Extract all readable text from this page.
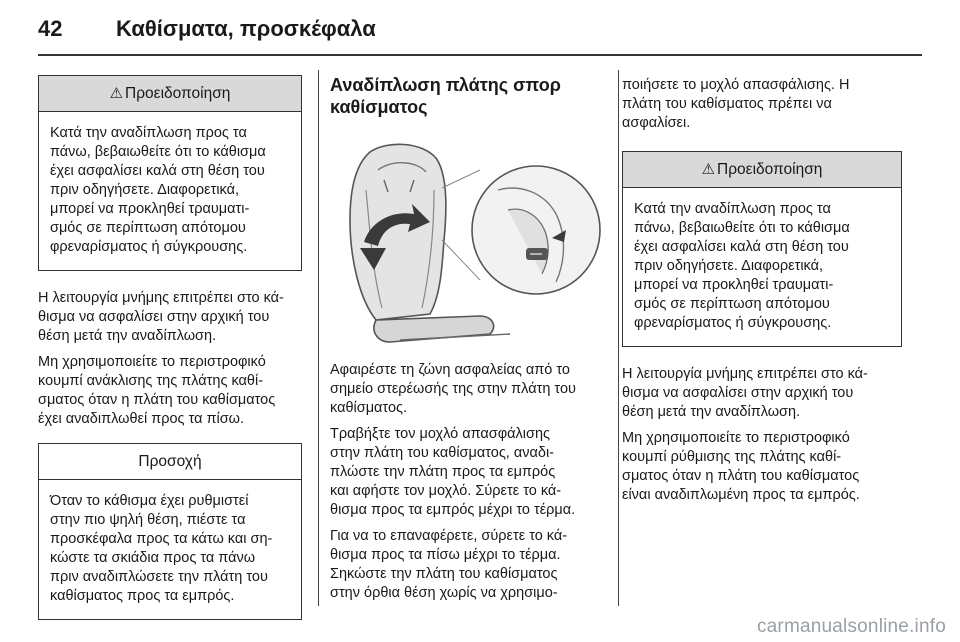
42	Καθίσματα, προσκέφαλα
⚠ Προειδοποίηση
Κατά την αναδίπλωση προς τα
πάνω, βεβαιωθείτε ότι το κάθισμα
έχει ασφαλίσει καλά στη θέση του
πριν οδηγήσετε. Διαφορετικά,
μπορεί να προκληθεί τραυματι-
σμός σε περίπτωση απότομου
φρεναρίσματος ή σύγκρουσης.

Η λειτουργία μνήμης επιτρέπει στο κά-
θισμα να ασφαλίσει στην αρχική του
θέση μετά την αναδίπλωση.

Μη χρησιμοποιείτε το περιστροφικό
κουμπί ανάκλισης της πλάτης καθί-
σματος όταν η πλάτη του καθίσματος
έχει αναδιπλωθεί προς τα πίσω.

Προσοχή
Όταν το κάθισμα έχει ρυθμιστεί
στην πιο ψηλή θέση, πιέστε τα
προσκέφαλα προς τα κάτω και ση-
κώστε τα σκιάδια προς τα πάνω
πριν αναδιπλώσετε την πλάτη του
καθίσματος προς τα εμπρός.
Αναδίπλωση πλάτης σπορ
καθίσματος

Αφαιρέστε τη ζώνη ασφαλείας από το
σημείο στερέωσής της στην πλάτη του
καθίσματος.

Τραβήξτε τον μοχλό απασφάλισης
στην πλάτη του καθίσματος, αναδι-
πλώστε την πλάτη προς τα εμπρός
και αφήστε τον μοχλό. Σύρετε το κά-
θισμα προς τα εμπρός μέχρι το τέρμα.

Για να το επαναφέρετε, σύρετε το κά-
θισμα προς τα πίσω μέχρι το τέρμα.
Σηκώστε την πλάτη του καθίσματος
στην όρθια θέση χωρίς να χρησιμο-

ποιήσετε το μοχλό απασφάλισης. Η
πλάτη του καθίσματος πρέπει να
ασφαλίσει.

⚠ Προειδοποίηση
Κατά την αναδίπλωση προς τα
πάνω, βεβαιωθείτε ότι το κάθισμα
έχει ασφαλίσει καλά στη θέση του
πριν οδηγήσετε. Διαφορετικά,
μπορεί να προκληθεί τραυματι-
σμός σε περίπτωση απότομου
φρεναρίσματος ή σύγκρουσης.

Η λειτουργία μνήμης επιτρέπει στο κά-
θισμα να ασφαλίσει στην αρχική του
θέση μετά την αναδίπλωση.

Μη χρησιμοποιείτε το περιστροφικό
κουμπί ρύθμισης της πλάτης καθί-
σματος όταν η πλάτη του καθίσματος
είναι αναδιπλωμένη προς τα εμπρός.

carmanualsonline.info
